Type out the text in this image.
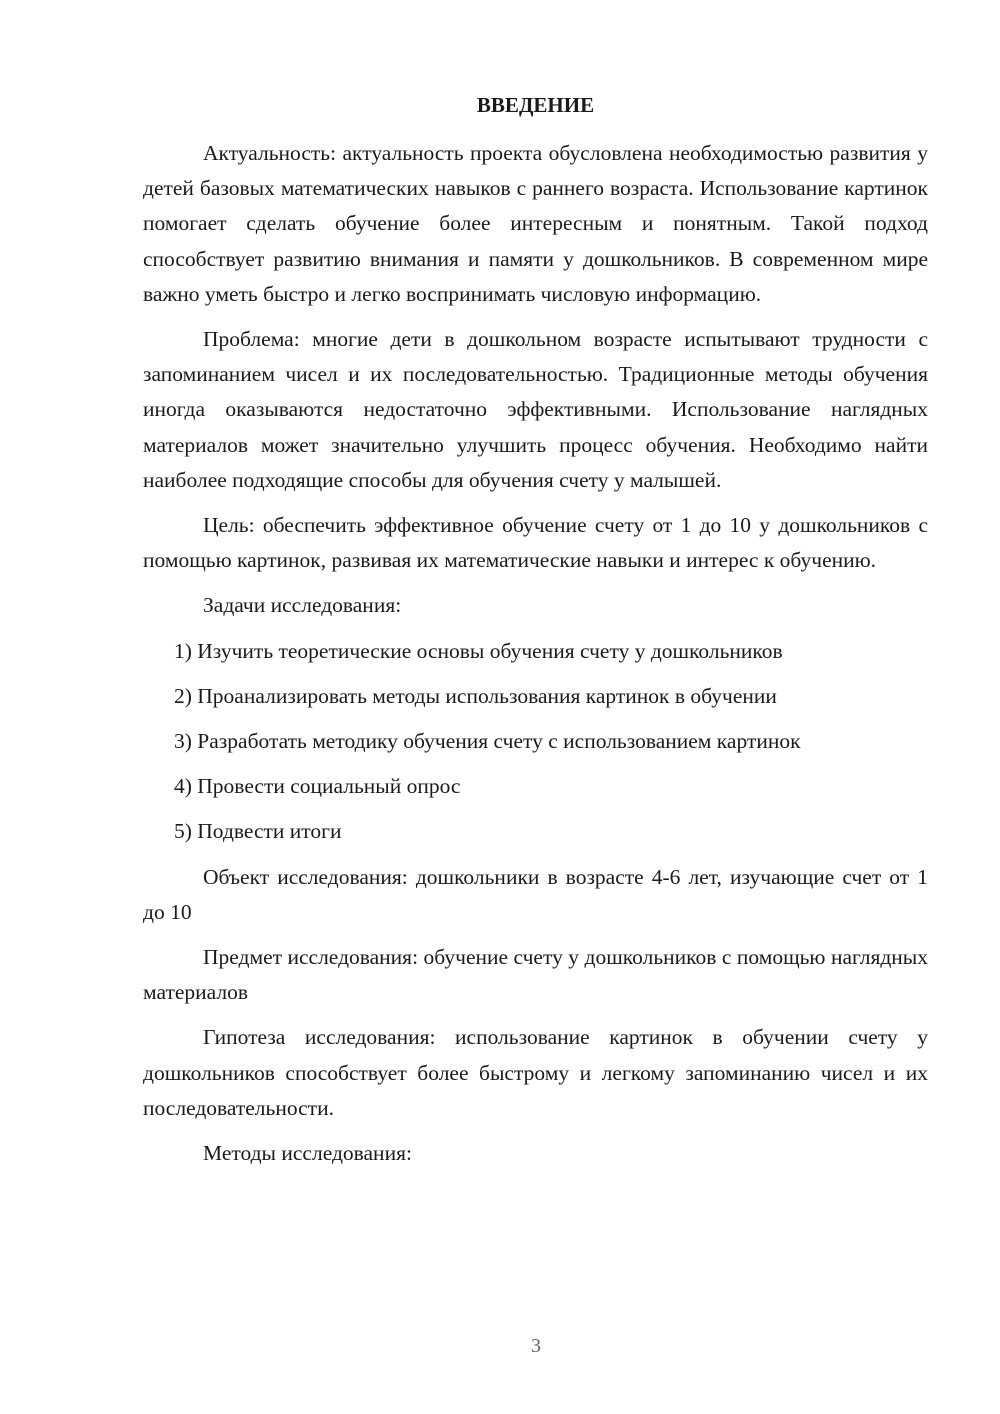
ВВЕДЕНИЕ

Актуальность: актуальность проекта обусловлена необходимостью развития у детей базовых математических навыков с раннего возраста. Использование картинок помогает сделать обучение более интересным и понятным. Такой подход способствует развитию внимания и памяти у дошкольников. В современном мире важно уметь быстро и легко воспринимать числовую информацию.

Проблема: многие дети в дошкольном возрасте испытывают трудности с запоминанием чисел и их последовательностью. Традиционные методы обучения иногда оказываются недостаточно эффективными. Использование наглядных материалов может значительно улучшить процесс обучения. Необходимо найти наиболее подходящие способы для обучения счету у малышей.

Цель: обеспечить эффективное обучение счету от 1 до 10 у дошкольников с помощью картинок, развивая их математические навыки и интерес к обучению.

Задачи исследования:

1) Изучить теоретические основы обучения счету у дошкольников
2) Проанализировать методы использования картинок в обучении
3) Разработать методику обучения счету с использованием картинок
4) Провести социальный опрос
5) Подвести итоги

Объект исследования: дошкольники в возрасте 4-6 лет, изучающие счет от 1 до 10

Предмет исследования: обучение счету у дошкольников с помощью наглядных материалов

Гипотеза исследования: использование картинок в обучении счету у дошкольников способствует более быстрому и легкому запоминанию чисел и их последовательности.

Методы исследования:

3
